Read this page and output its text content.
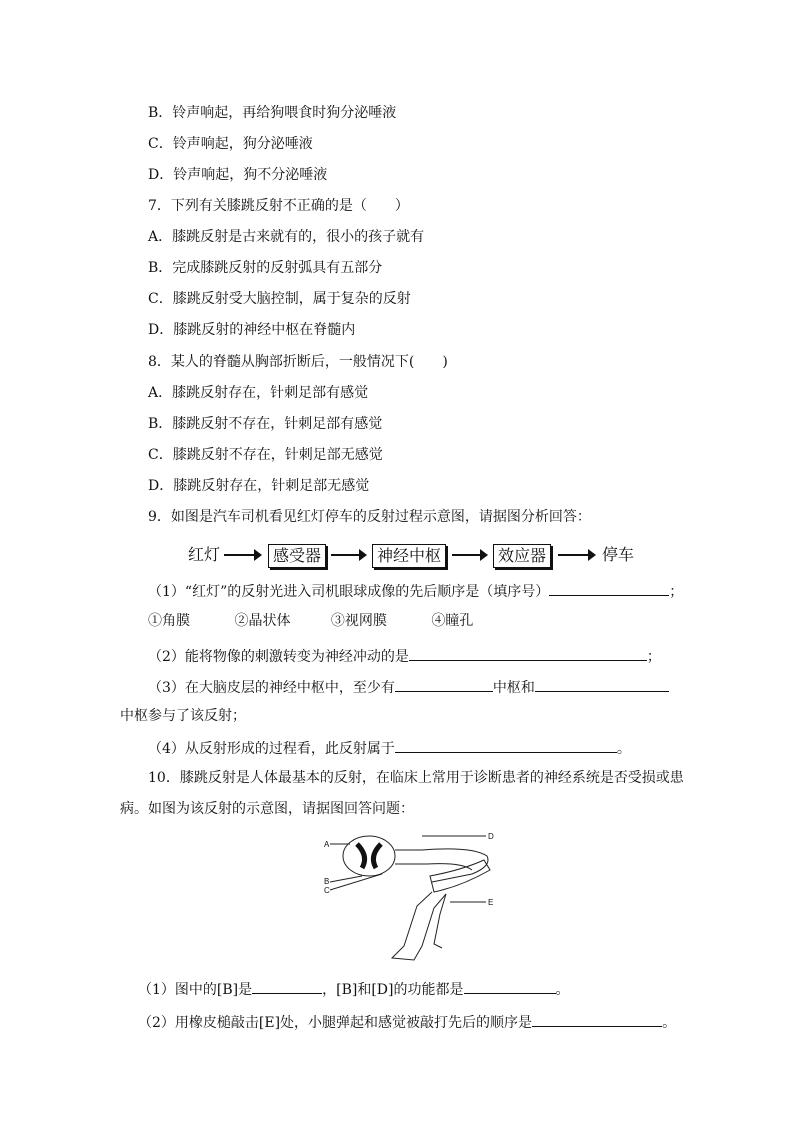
B．铃声响起，再给狗喂食时狗分泌唾液
C．铃声响起，狗分泌唾液
D．铃声响起，狗不分泌唾液
7．下列有关膝跳反射不正确的是（　　）
A．膝跳反射是古来就有的，很小的孩子就有
B．完成膝跳反射的反射弧具有五部分
C．膝跳反射受大脑控制，属于复杂的反射
D．膝跳反射的神经中枢在脊髓内
8．某人的脊髓从胸部折断后，一般情况下(　　)
A．膝跳反射存在，针刺足部有感觉
B．膝跳反射不存在，针刺足部有感觉
C．膝跳反射不存在，针刺足部无感觉
D．膝跳反射存在，针刺足部无感觉
9．如图是汽车司机看见红灯停车的反射过程示意图，请据图分析回答：
红灯	感受器	神经中枢	效应器	停车
（1）“红灯”的反射光进入司机眼球成像的先后顺序是（填序号）	；
①角膜	②晶状体	③视网膜	④瞳孔
（2）能将物像的刺激转变为神经冲动的是	；
（3）在大脑皮层的神经中枢中，至少有	中枢和
中枢参与了该反射；
（4）从反射形成的过程看，此反射属于	。
10．膝跳反射是人体最基本的反射，在临床上常用于诊断患者的神经系统是否受损或患
病。如图为该反射的示意图，请据图回答问题：
A
B
C
D
E
（1）图中的[B]是	，[B]和[D]的功能都是	。
（2）用橡皮槌敲击[E]处，小腿弹起和感觉被敲打先后的顺序是	。
